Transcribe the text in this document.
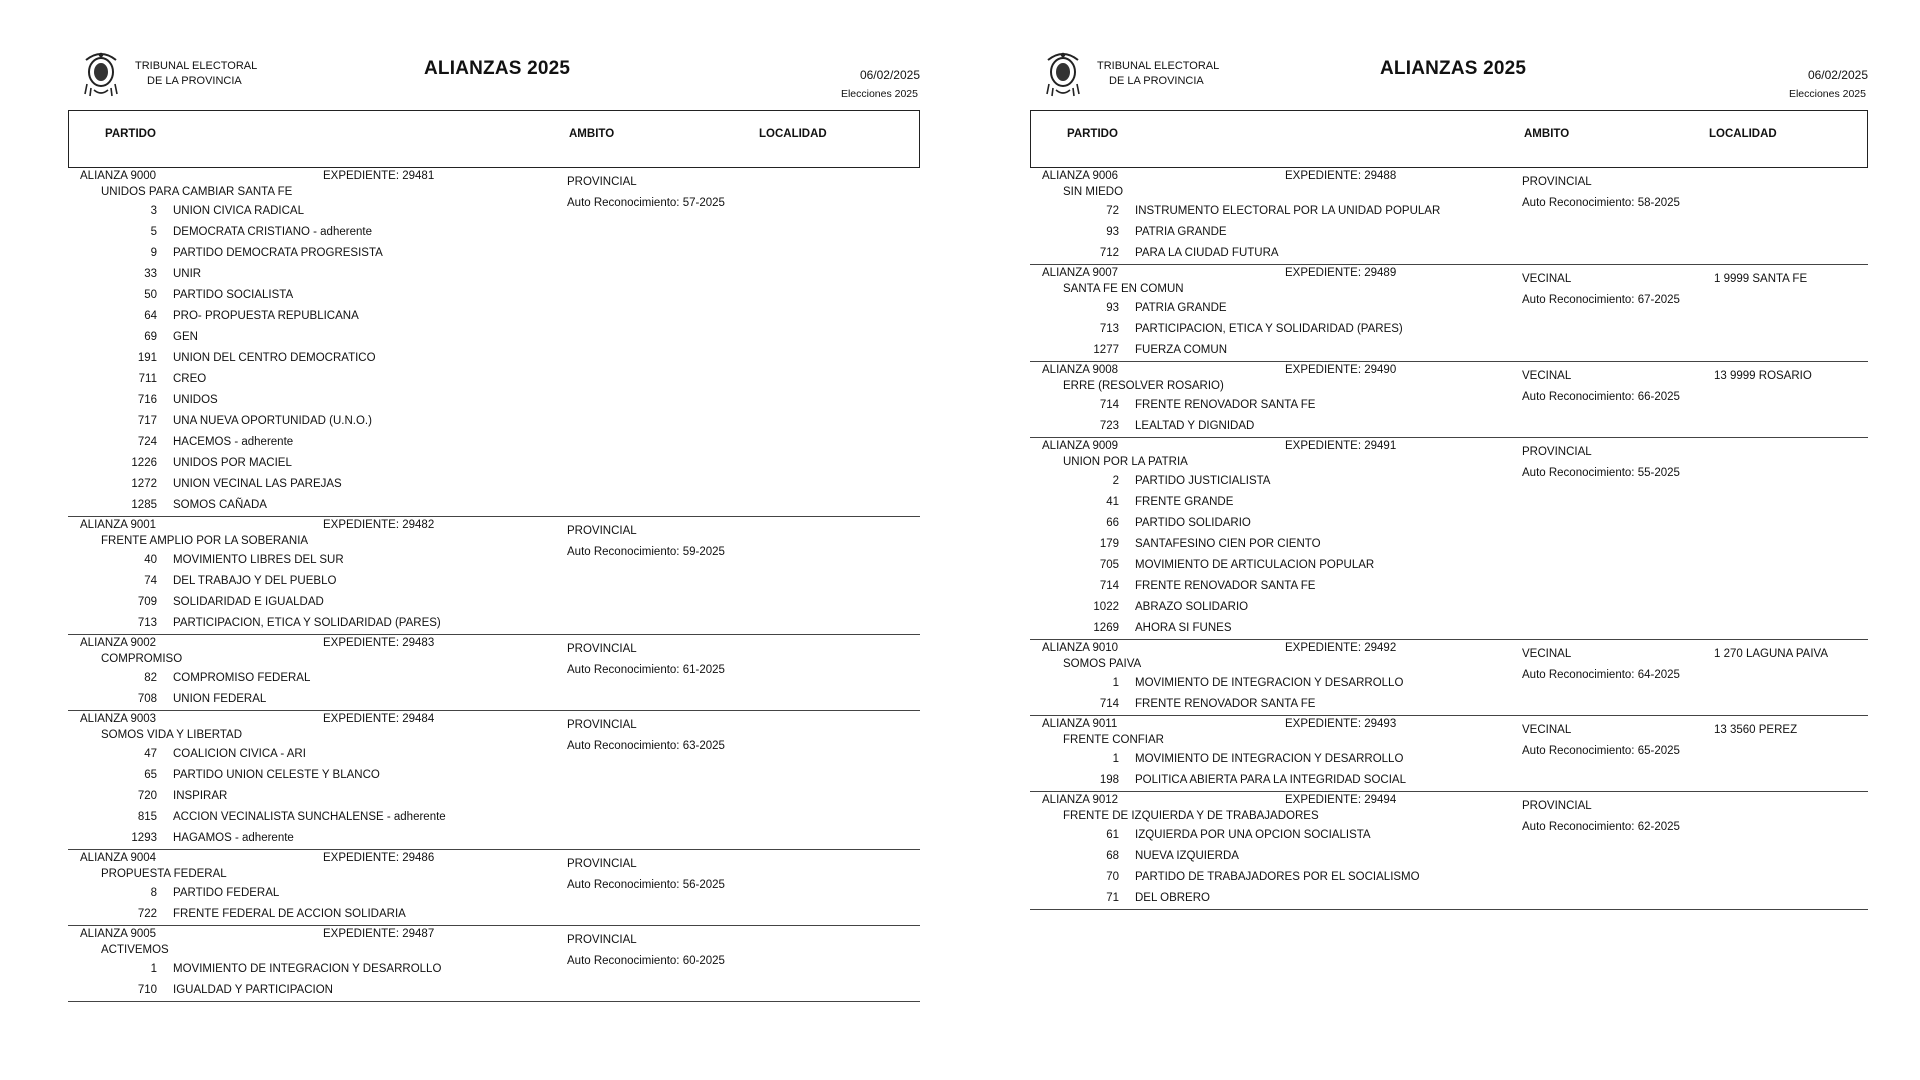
TRIBUNAL ELECTORAL
DE LA PROVINCIA
ALIANZAS 2025	06/02/2025
Elecciones 2025
PARTIDO	AMBITO	LOCALIDAD
ALIANZA 9000	EXPEDIENTE: 29481
UNIDOS PARA CAMBIAR SANTA FE
3 UNION CIVICA RADICAL
5 DEMOCRATA CRISTIANO - adherente
9 PARTIDO DEMOCRATA PROGRESISTA
33 UNIR
50 PARTIDO SOCIALISTA
64 PRO- PROPUESTA REPUBLICANA
69 GEN
191 UNION DEL CENTRO DEMOCRATICO
711 CREO
716 UNIDOS
717 UNA NUEVA OPORTUNIDAD (U.N.O.)
724 HACEMOS - adherente
1226 UNIDOS POR MACIEL
1272 UNION VECINAL LAS PAREJAS
1285 SOMOS CAÑADA
PROVINCIAL
Auto Reconocimiento: 57-2025
ALIANZA 9001	EXPEDIENTE: 29482
FRENTE AMPLIO POR LA SOBERANIA
40 MOVIMIENTO LIBRES DEL SUR
74 DEL TRABAJO Y DEL PUEBLO
709 SOLIDARIDAD E IGUALDAD
713 PARTICIPACION, ETICA Y SOLIDARIDAD (PARES)
PROVINCIAL
Auto Reconocimiento: 59-2025
ALIANZA 9002	EXPEDIENTE: 29483
COMPROMISO
82 COMPROMISO FEDERAL
708 UNION FEDERAL
PROVINCIAL
Auto Reconocimiento: 61-2025
ALIANZA 9003	EXPEDIENTE: 29484
SOMOS VIDA Y LIBERTAD
47 COALICION CIVICA - ARI
65 PARTIDO UNION CELESTE Y BLANCO
720 INSPIRAR
815 ACCION VECINALISTA SUNCHALENSE - adherente
1293 HAGAMOS - adherente
PROVINCIAL
Auto Reconocimiento: 63-2025
ALIANZA 9004	EXPEDIENTE: 29486
PROPUESTA FEDERAL
8 PARTIDO FEDERAL
722 FRENTE FEDERAL DE ACCION SOLIDARIA
PROVINCIAL
Auto Reconocimiento: 56-2025
ALIANZA 9005	EXPEDIENTE: 29487
ACTIVEMOS
1 MOVIMIENTO DE INTEGRACION Y DESARROLLO
710 IGUALDAD Y PARTICIPACION
PROVINCIAL
Auto Reconocimiento: 60-2025
TRIBUNAL ELECTORAL
DE LA PROVINCIA
ALIANZAS 2025	06/02/2025
Elecciones 2025
PARTIDO	AMBITO	LOCALIDAD
ALIANZA 9006	EXPEDIENTE: 29488
SIN MIEDO
72 INSTRUMENTO ELECTORAL POR LA UNIDAD POPULAR
93 PATRIA GRANDE
712 PARA LA CIUDAD FUTURA
PROVINCIAL
Auto Reconocimiento: 58-2025
ALIANZA 9007	EXPEDIENTE: 29489
SANTA FE EN COMUN
93 PATRIA GRANDE
713 PARTICIPACION, ETICA Y SOLIDARIDAD (PARES)
1277 FUERZA COMUN
VECINAL
Auto Reconocimiento: 67-2025
1 9999 SANTA FE
ALIANZA 9008	EXPEDIENTE: 29490
ERRE (RESOLVER ROSARIO)
714 FRENTE RENOVADOR SANTA FE
723 LEALTAD Y DIGNIDAD
VECINAL
Auto Reconocimiento: 66-2025
13 9999 ROSARIO
ALIANZA 9009	EXPEDIENTE: 29491
UNION POR LA PATRIA
2 PARTIDO JUSTICIALISTA
41 FRENTE GRANDE
66 PARTIDO SOLIDARIO
179 SANTAFESINO CIEN POR CIENTO
705 MOVIMIENTO DE ARTICULACION POPULAR
714 FRENTE RENOVADOR SANTA FE
1022 ABRAZO SOLIDARIO
1269 AHORA SI FUNES
PROVINCIAL
Auto Reconocimiento: 55-2025
ALIANZA 9010	EXPEDIENTE: 29492
SOMOS PAIVA
1 MOVIMIENTO DE INTEGRACION Y DESARROLLO
714 FRENTE RENOVADOR SANTA FE
VECINAL
Auto Reconocimiento: 64-2025
1 270 LAGUNA PAIVA
ALIANZA 9011	EXPEDIENTE: 29493
FRENTE CONFIAR
1 MOVIMIENTO DE INTEGRACION Y DESARROLLO
198 POLITICA ABIERTA PARA LA INTEGRIDAD SOCIAL
VECINAL
Auto Reconocimiento: 65-2025
13 3560 PEREZ
ALIANZA 9012	EXPEDIENTE: 29494
FRENTE DE IZQUIERDA Y DE TRABAJADORES
61 IZQUIERDA POR UNA OPCION SOCIALISTA
68 NUEVA IZQUIERDA
70 PARTIDO DE TRABAJADORES POR EL SOCIALISMO
71 DEL OBRERO
PROVINCIAL
Auto Reconocimiento: 62-2025
